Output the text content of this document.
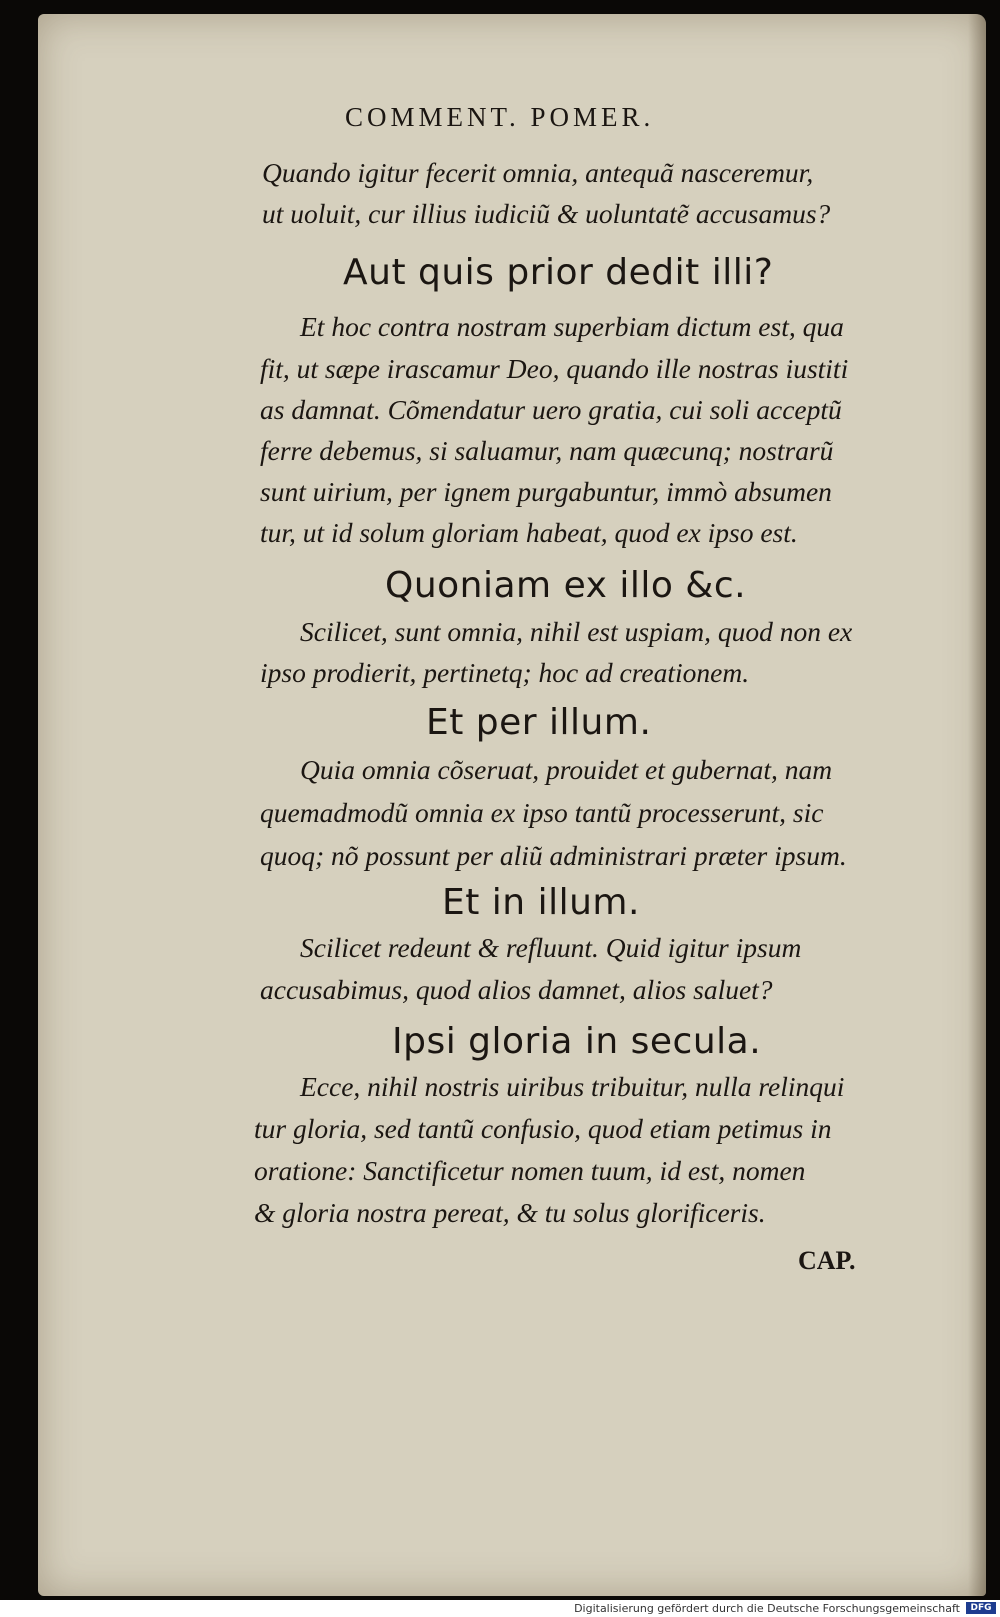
COMMENT. POMER.
Quando igitur fecerit omnia, antequã nasceremur,
ut uoluit, cur illius iudiciũ & uoluntatẽ accusamus?
Aut quis prior dedit illi?
Et hoc contra nostram superbiam dictum est, qua
fit, ut sæpe irascamur Deo, quando ille nostras iustiti
as damnat. Cõmendatur uero gratia, cui soli acceptũ
ferre debemus, si saluamur, nam quæcunq; nostrarũ
sunt uirium, per ignem purgabuntur, immò absumen
tur, ut id solum gloriam habeat, quod ex ipso est.
Quoniam ex illo &c.
Scilicet, sunt omnia, nihil est uspiam, quod non ex
ipso prodierit, pertinetq; hoc ad creationem.
Et per illum.
Quia omnia cõseruat, prouidet et gubernat, nam
quemadmodũ omnia ex ipso tantũ processerunt, sic
quoq; nõ possunt per aliũ administrari præter ipsum.
Et in illum.
Scilicet redeunt & refluunt. Quid igitur ipsum
accusabimus, quod alios damnet, alios saluet?
Ipsi gloria in secula.
Ecce, nihil nostris uiribus tribuitur, nulla relinqui
tur gloria, sed tantũ confusio, quod etiam petimus in
oratione: Sanctificetur nomen tuum, id est, nomen
& gloria nostra pereat, & tu solus glorificeris.
CAP.
Digitalisierung gefördert durch die Deutsche Forschungsgemeinschaft	DFG
